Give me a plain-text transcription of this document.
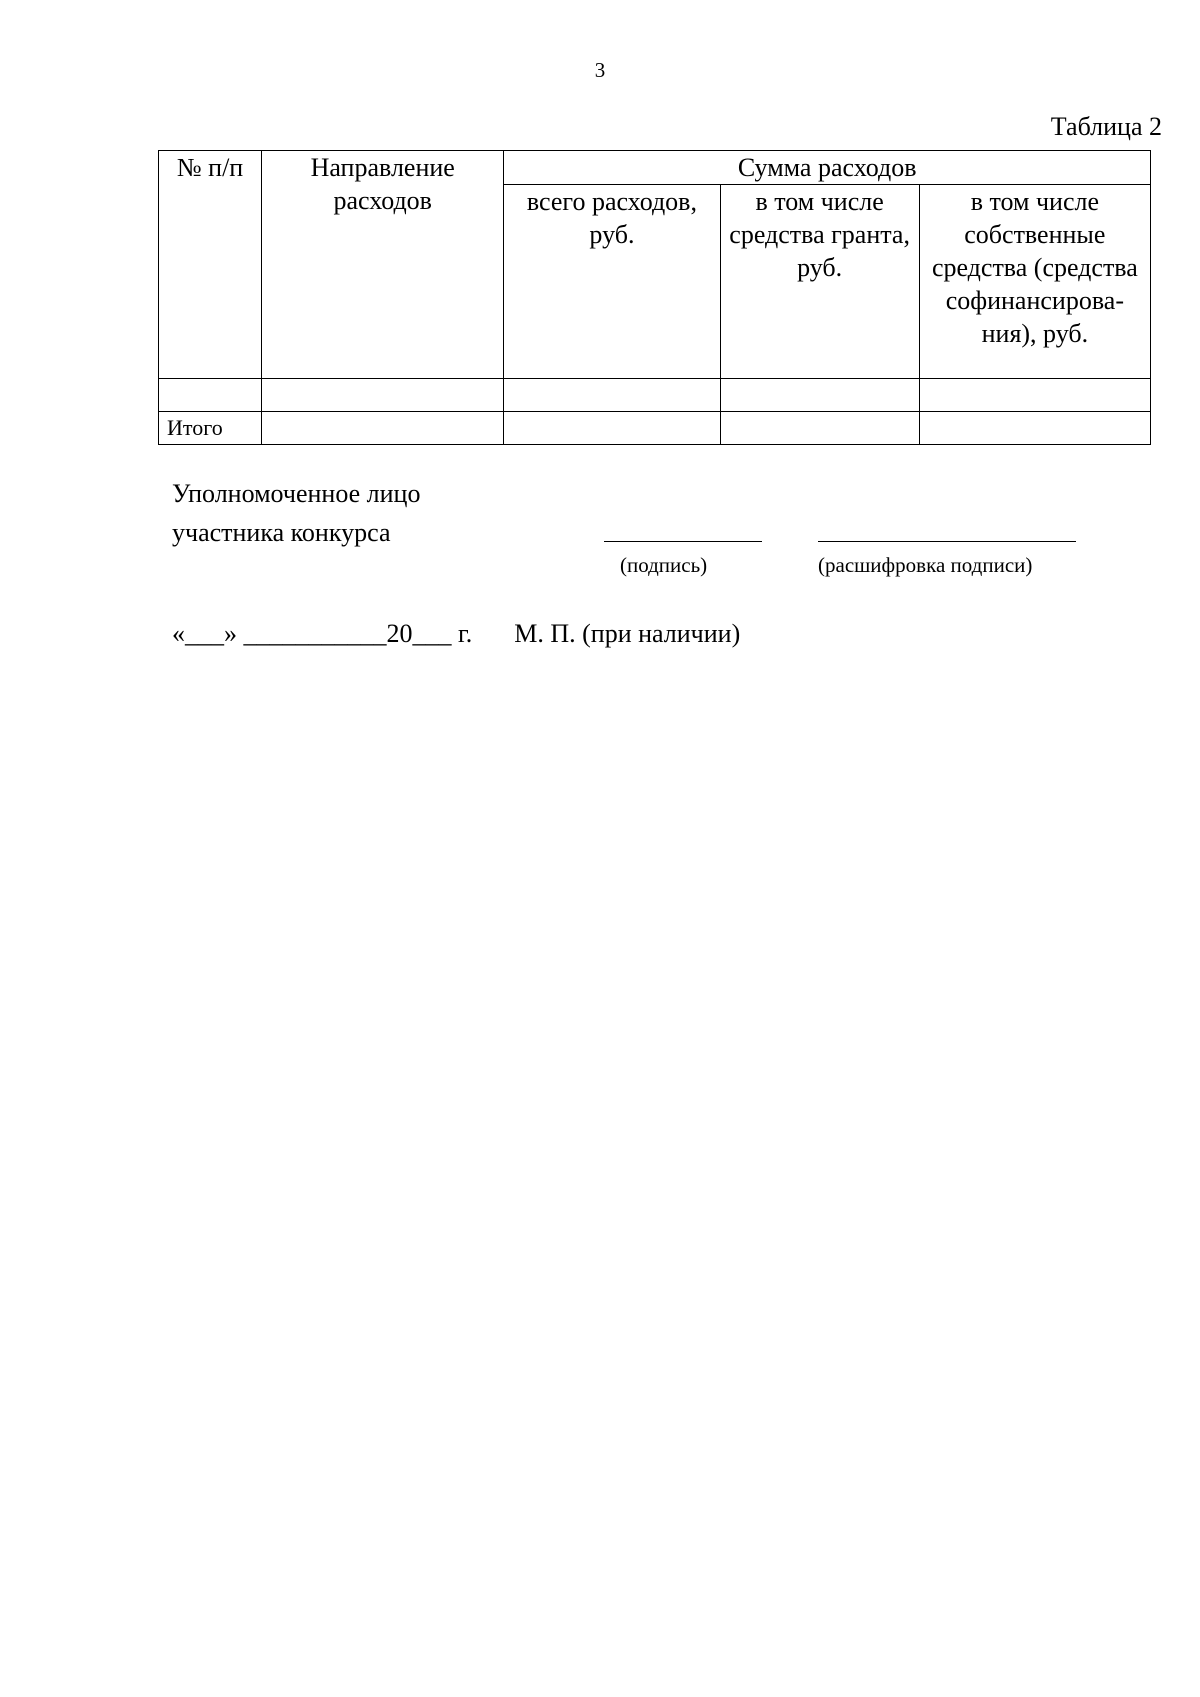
3
Таблица 2
№ п/п	Направление расходов	Сумма расходов		
		всего расходов, руб.	в том числе средства гранта, руб.	в том числе собственные средства (средства софинансирова-ния), руб.

Итого				
Уполномоченное лицо
участника конкурса
(подпись)	(расшифровка подписи)
«___» ___________20___ г. М. П. (при наличии)
